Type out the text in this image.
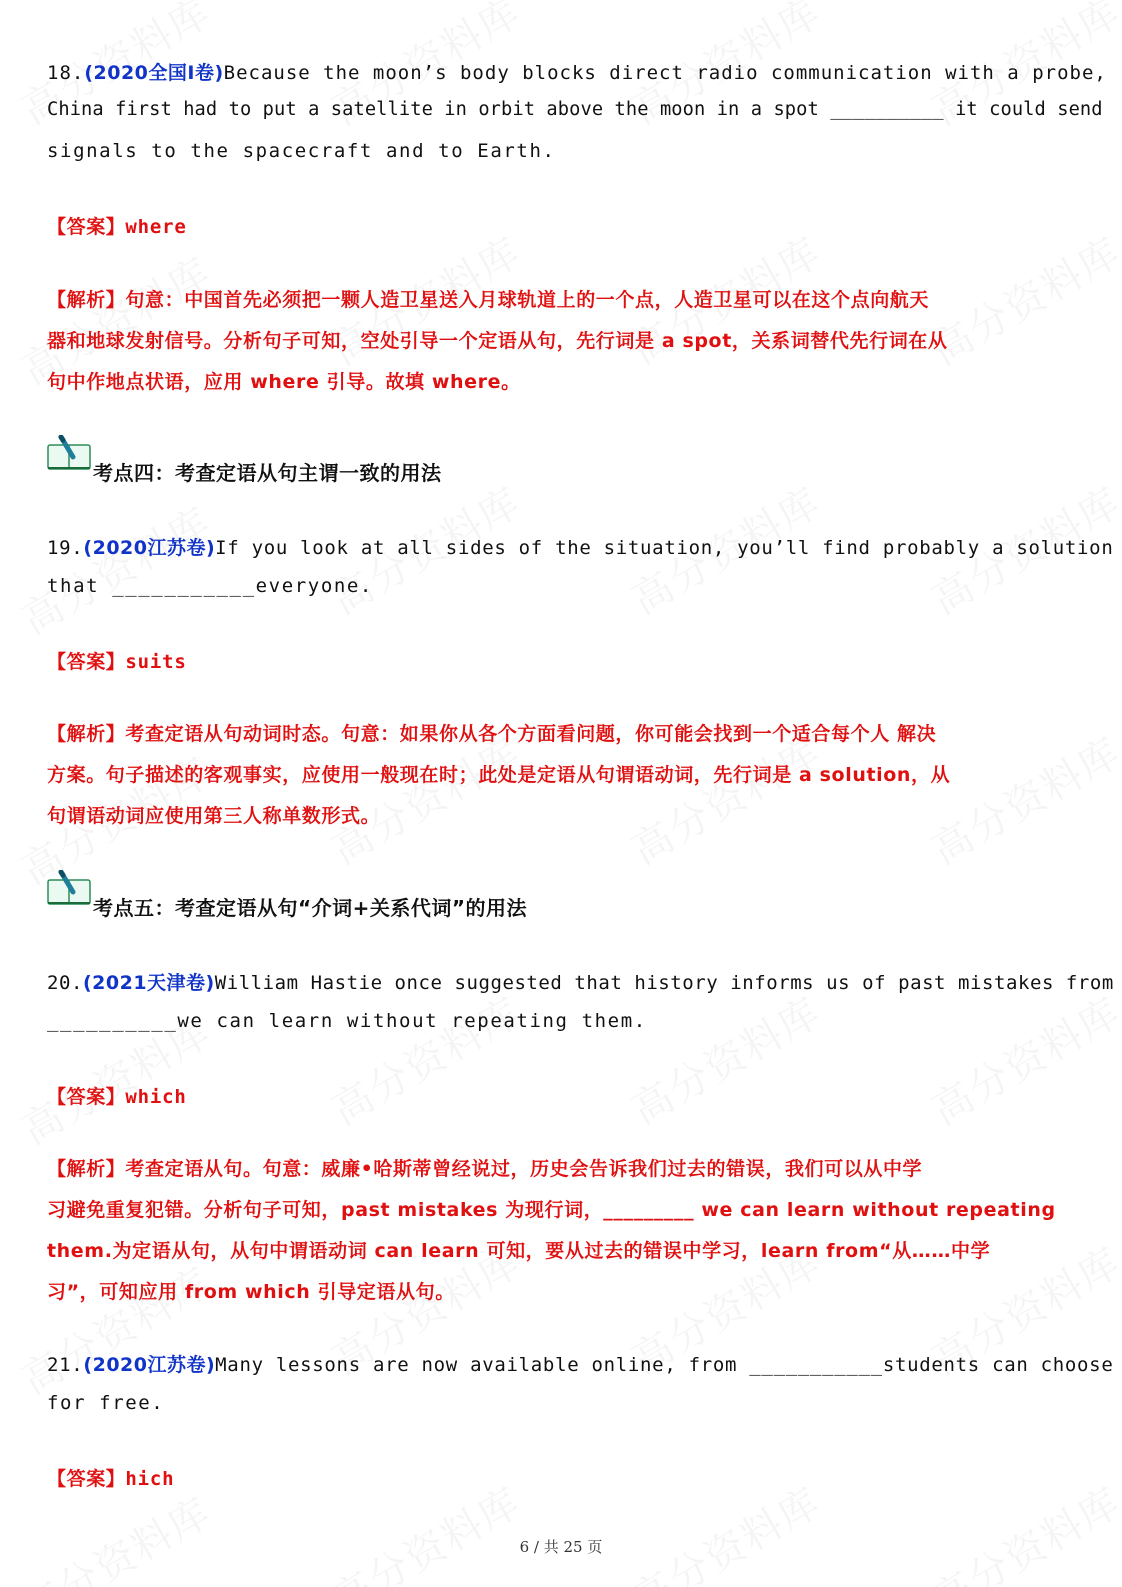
18.(2020全国Ⅰ卷)Because the moon’s body blocks direct radio communication with a probe,
China first had to put a satellite in orbit above the moon in a spot __________ it could send
signals to the spacecraft and to Earth.
【答案】where
【解析】句意：中国首先必须把一颗人造卫星送入月球轨道上的一个点，人造卫星可以在这个点向航天
器和地球发射信号。分析句子可知，空处引导一个定语从句，先行词是 a spot，关系词替代先行词在从
句中作地点状语，应用 where 引导。故填 where。
考点四：考查定语从句主谓一致的用法
19.(2020江苏卷)If you look at all sides of the situation, you’ll find probably a solution
that ___________everyone.
【答案】suits
【解析】考查定语从句动词时态。句意：如果你从各个方面看问题，你可能会找到一个适合每个人 解决
方案。句子描述的客观事实，应使用一般现在时；此处是定语从句谓语动词，先行词是 a solution，从
句谓语动词应使用第三人称单数形式。
考点五：考查定语从句“介词+关系代词”的用法
20.(2021天津卷)William Hastie once suggested that history informs us of past mistakes from
__________we can learn without repeating them.
【答案】which
【解析】考查定语从句。句意：威廉•哈斯蒂曾经说过，历史会告诉我们过去的错误，我们可以从中学
习避免重复犯错。分析句子可知，past mistakes 为现行词，_________ we can learn without repeating
them.为定语从句，从句中谓语动词 can learn 可知，要从过去的错误中学习，learn from“从……中学
习”，可知应用 from which 引导定语从句。
21.(2020江苏卷)Many lessons are now available online, from ___________students can choose
for free.
【答案】hich
6 / 共 25 页
